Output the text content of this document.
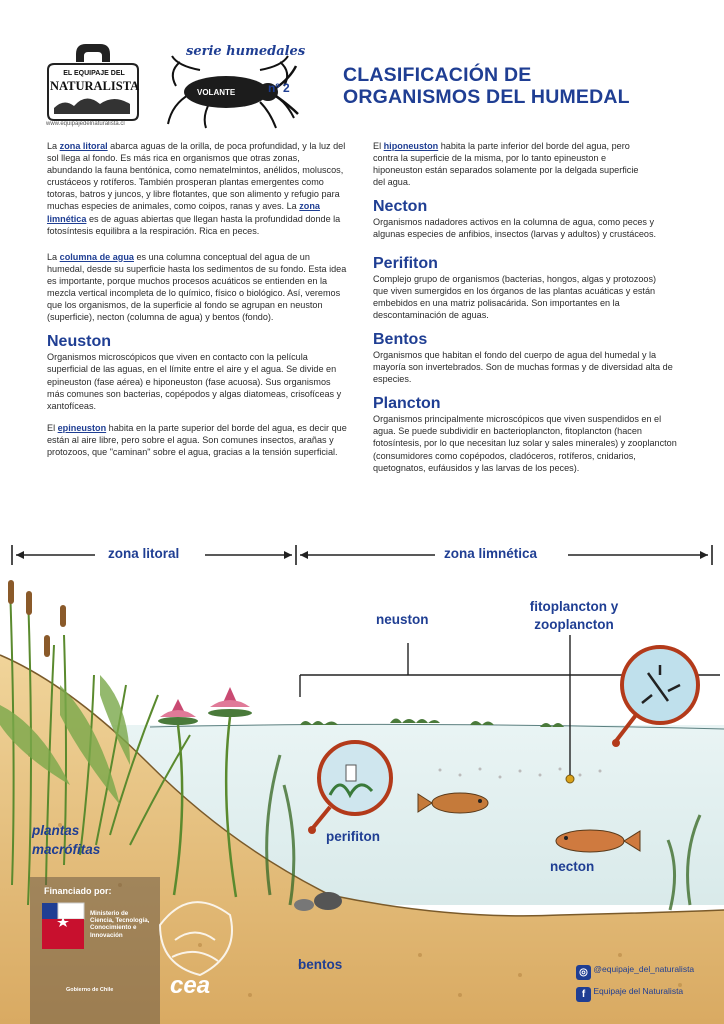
EL EQUIPAJE DEL
NATURALISTA
www.equipajedelnaturalista.cl
serie humedales
VOLANTE	nº 2
CLASIFICACIÓN DE
ORGANISMOS DEL HUMEDAL

La zona litoral abarca aguas de la orilla, de poca profundidad, y la luz del sol llega al fondo. Es más rica en organismos que otras zonas, abundando la fauna bentónica, como nematelmintos, anélidos, moluscos, crustáceos y rotíferos. También prosperan plantas emergentes como totoras, batros y juncos, y libre flotantes, que son alimento y refugio para muchas especies de animales, como coipos, ranas y aves. La zona limnética es de aguas abiertas que llegan hasta la profundidad donde la fotosíntesis equilibra a la respiración. Rica en peces.

La columna de agua es una columna conceptual del agua de un humedal, desde su superficie hasta los sedimentos de su fondo. Esta idea es importante, porque muchos procesos acuáticos se entienden en la mezcla vertical incompleta de lo químico, físico o biológico. Así, veremos que los organismos, de la superficie al fondo se agrupan en neuston (superficie), necton (columna de agua) y bentos (fondo).

Neuston

Organismos microscópicos que viven en contacto con la película superficial de las aguas, en el límite entre el aire y el agua. Se divide en epineuston (fase aérea) e hiponeuston (fase acuosa). Sus organismos más comunes son bacterias, copépodos y algas diatomeas, crisofíceas y xantofíceas.

El epineuston habita en la parte superior del borde del agua, es decir que están al aire libre, pero sobre el agua. Son comunes insectos, arañas y protozoos, que "caminan" sobre el agua, gracias a la tensión superficial.

El hiponeuston habita la parte inferior del borde del agua, pero contra la superficie de la misma, por lo tanto epineuston e hiponeuston están separados solamente por la delgada superficie del agua.

Necton

Organismos nadadores activos en la columna de agua, como peces y algunas especies de anfibios, insectos (larvas y adultos) y crustáceos.

Perifiton

Complejo grupo de organismos (bacterias, hongos, algas y protozoos) que viven sumergidos en los órganos de las plantas acuáticas y están embebidos en una matriz polisacárida. Son importantes en la descontaminación de aguas.

Bentos

Organismos que habitan el fondo del cuerpo de agua del humedal y la mayoría son invertebrados. Son de muchas formas y de diversidad alta de especies.

Plancton

Organismos principalmente microscópicos que viven suspendidos en el agua. Se puede subdividir en bacterioplancton, fitoplancton (hacen fotosíntesis, por lo que necesitan luz solar y sales minerales) y zooplancton (consumidores como copépodos, cladóceros, rotíferos, cnidarios, quetognatos, eufáusidos y las larvas de los peces).

zona litoral	zona limnética
neuston
fitoplancton y
zooplancton
perifiton
necton
plantas
macrófitas
bentos
Financiado por:
Ministerio de Ciencia, Tecnología, Conocimiento e Innovación
Gobierno de Chile cea	◎ @equipaje_del_naturalista
f Equipaje del Naturalista
